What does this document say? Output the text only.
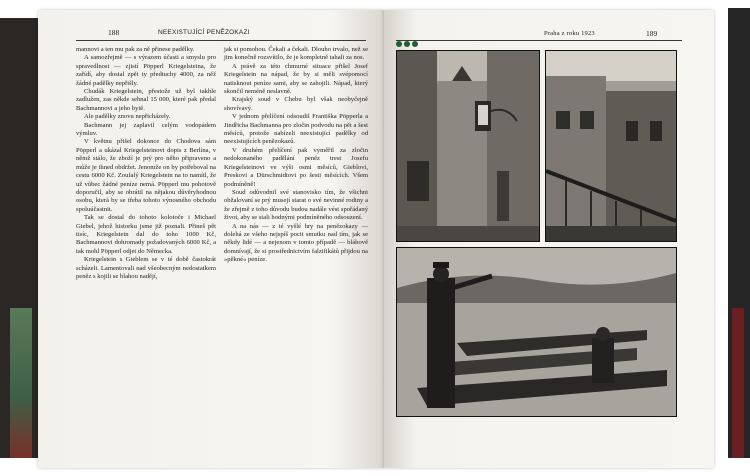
188	NEEXISTUJÍCÍ PENĚZOKAZI

mannovi a ten mu pak za ně přinese padělky.

A samozřejmě — s výrazem účasti a smyslu pro spravedlnost — zjistí Pöpperl Kriegelsteina, že zařídí, aby dostal zpět ty předtuchy 4000, za něž žádné padělky nepřišly.

Chudák Kriegelstein, přestože už byl takhle zadlužen, zas někde sehnal 15 000, které pak předal Bachmannovi a jeho bytě.

Ale padělky znovu nepřicházely.

Bachmann jej zaplavil celým vodopádem výmluv.

V květnu přišel dokonce do Chodova sám Pöpperl a ukázal Kriegelsteinovi dopis z Berlína, v němž stálo, že zboží je prý pro něho připraveno a může je ihned obdržet. Jenomže on by potřeboval na cestu 6000 Kč. Zoufalý Kriegelstein na to namítl, že už vůbec žádné peníze nemá. Pöpperl mu pohotově doporučil, aby se obrátil na nějakou důvěryhodnou osobu, která by se třeba tohoto výnosného obchodu spoluúčastnit.

Tak se dostal do tohoto kolotoče i Michael Giebel, jehož historku jsme již poznali. Přineš pět tisíc, Kriegelstein dal do toho 1000 Kč, Bachmannovi dohromady požadovaných 6000 Kč, a tak mohl Pöpperl odjet do Německa.

Kriegelstein s Gieblem se v té době častokrát scházeli. Lamentovali nad všeobecným nedostatkem peněz s kojili se blahou nadějí,

jak si pomohou. Čekali a čekali. Dlouho trvalo, než se jim konečně rozsvítilo, že je kompletně tahali za nos.

A právě za této chmurné situace přišel Josef Kriegelstein na nápad, že by si měli svépomocí natisknout peníze sami, aby se zahojili. Nápad, který skončil neméně neslavně.

Krajský soud v Chebu byl však neobyčejně shovívavý.

V jednom přelíčení odsoudil Františka Pöpperla a Jindřicha Bachmanna pro zločin podvodu na pět a šest měsíců, protože nabízeli neexistující padělky od neexistujících penězokazů.

V druhém přelíčení pak vyměřil za zločin nedokonaného padělání peněz trest Josefu Kriegelsteinovi ve výši osmi měsíců, Gieblovi, Preskovi a Dürschmidtovi po šesti měsících. Všem podmíněně!

Soud odůvodnil své stanovisko tím, že všichni obžalovaní se prý musejí starat o své nevinné rodiny a že zřejmě z toho důvodu budou nadále vést spořádaný život, aby se stali hodnými podmíněného odsouzení.

A na nás — z té vyšlé hry na penězokazy — dolehá ze všeho nejspíš pocit smutku nad tím, jak se někdy lidé — a nejenom v tomto případě — bláhově domnívají, že si prostřednictvím falzifikátů přijdou na »pěkné« peníze.

Praha z roku 1923	189
